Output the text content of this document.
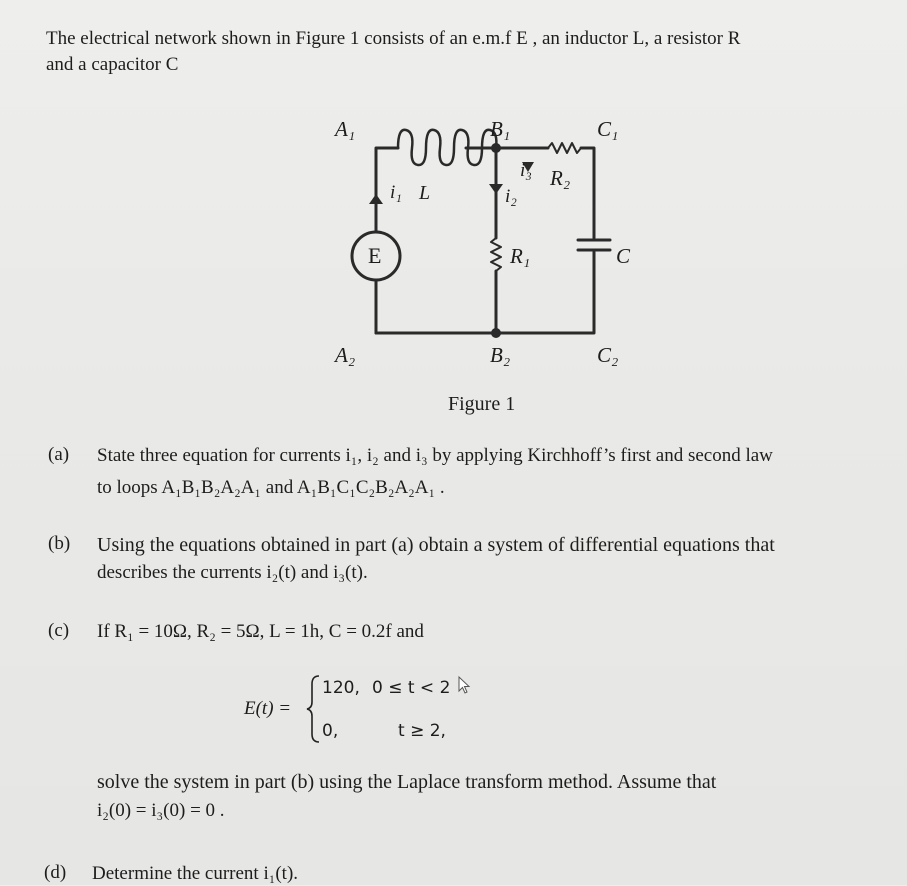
The electrical network shown in Figure 1 consists of an e.m.f E , an inductor L, a resistor R
and a capacitor C
A₁	B₁	C₁
i₁ L	i₂
i₃ R₂
E	R₁	C
A₂	B₂	C₂
Figure 1
(a) State three equation for currents i₁, i₂ and i₃ by applying Kirchhoff’s first and second law
to loops A₁B₁B₂A₂A₁ and A₁B₁C₁C₂B₂A₂A₁ .
(b) Using the equations obtained in part (a) obtain a system of differential equations that
describes the currents i₂(t) and i₃(t).
(c) If R₁ = 10Ω, R₂ = 5Ω, L = 1h, C = 0.2f and
E(t) =
120, 0 ≤ t < 2
0,	t ≥ 2,
solve the system in part (b) using the Laplace transform method. Assume that
i₂(0) = i₃(0) = 0 .
(d) Determine the current i₁(t).
